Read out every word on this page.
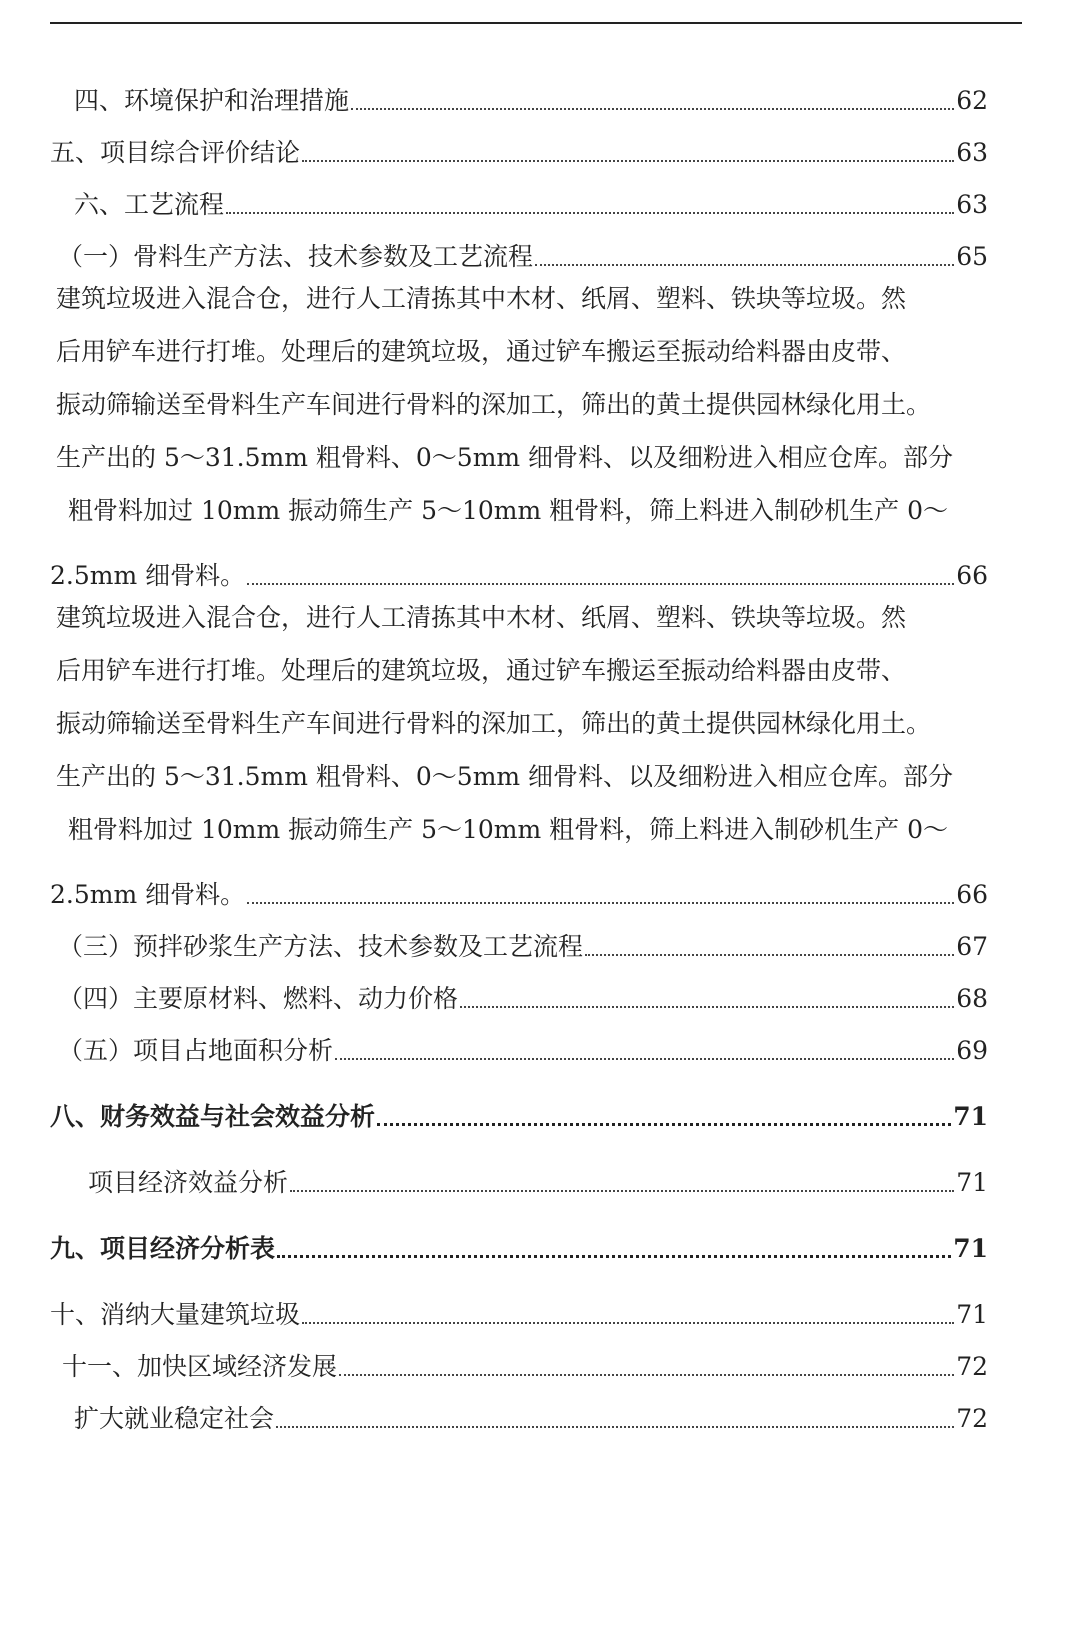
四、环境保护和治理措施	62
五、项目综合评价结论	63
六、工艺流程	63
（一）骨料生产方法、技术参数及工艺流程	65
建筑垃圾进入混合仓，进行人工清拣其中木材、纸屑、塑料、铁块等垃圾。然
后用铲车进行打堆。处理后的建筑垃圾，通过铲车搬运至振动给料器由皮带、
振动筛输送至骨料生产车间进行骨料的深加工，筛出的黄土提供园林绿化用土。
生产出的 5～31.5mm 粗骨料、0～5mm 细骨料、以及细粉进入相应仓库。部分
粗骨料加过 10mm 振动筛生产 5～10mm 粗骨料，筛上料进入制砂机生产 0～
2.5mm 细骨料。	66
建筑垃圾进入混合仓，进行人工清拣其中木材、纸屑、塑料、铁块等垃圾。然
后用铲车进行打堆。处理后的建筑垃圾，通过铲车搬运至振动给料器由皮带、
振动筛输送至骨料生产车间进行骨料的深加工，筛出的黄土提供园林绿化用土。
生产出的 5～31.5mm 粗骨料、0～5mm 细骨料、以及细粉进入相应仓库。部分
粗骨料加过 10mm 振动筛生产 5～10mm 粗骨料，筛上料进入制砂机生产 0～
2.5mm 细骨料。	66
（三）预拌砂浆生产方法、技术参数及工艺流程	67
（四）主要原材料、燃料、动力价格	68
（五）项目占地面积分析	69
八、财务效益与社会效益分析	71
项目经济效益分析	71
九、项目经济分析表	71
十、消纳大量建筑垃圾	71
十一、加快区域经济发展	72
扩大就业稳定社会	72
